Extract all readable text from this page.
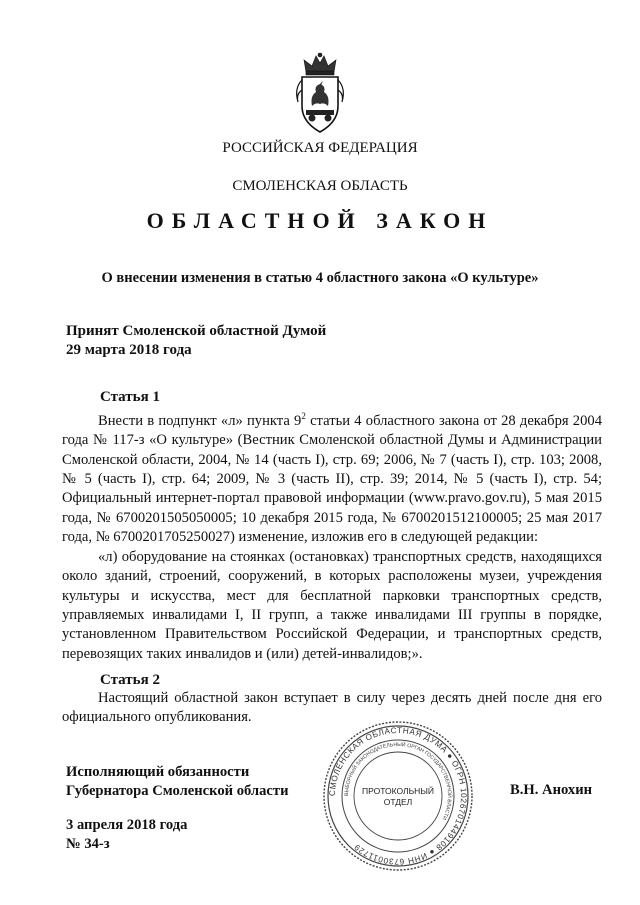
РОССИЙСКАЯ ФЕДЕРАЦИЯ
СМОЛЕНСКАЯ ОБЛАСТЬ
ОБЛАСТНОЙ ЗАКОН
О внесении изменения в статью 4 областного закона «О культуре»
Принят Смоленской областной Думой
29 марта 2018 года
Статья 1

Внести в подпункт «л» пункта $9^2$ статьи 4 областного закона от 28 декабря 2004 года № 117-з «О культуре» (Вестник Смоленской областной Думы и Администрации Смоленской области, 2004, № 14 (часть I), стр. 69; 2006, № 7 (часть I), стр. 103; 2008, № 5 (часть I), стр. 64; 2009, № 3 (часть II), стр. 39; 2014, № 5 (часть I), стр. 54; Официальный интернет-портал правовой информации (www.pravo.gov.ru), 5 мая 2015 года, № 6700201505050005; 10 декабря 2015 года, № 6700201512100005; 25 мая 2017 года, № 6700201705250027) изменение, изложив его в следующей редакции:

«л) оборудование на стоянках (остановках) транспортных средств, находящихся около зданий, строений, сооружений, в которых расположены музеи, учреждения культуры и искусства, мест для бесплатной парковки транспортных средств, управляемых инвалидами I, II групп, а также инвалидами III группы в порядке, установленном Правительством Российской Федерации, и транспортных средств, перевозящих таких инвалидов и (или) детей-инвалидов;».

Статья 2

Настоящий областной закон вступает в силу через десять дней после дня его официального опубликования.

Исполняющий обязанности
Губернатора Смоленской области	В.Н. Анохин
3 апреля 2018 года
№ 34-з
СМОЛЕНСКАЯ ОБЛАСТНАЯ ДУМА ● ОГРН 1026701449108 ● ИНН 6730011729
ВЫБОРНЫЙ ЗАКОНОДАТЕЛЬНЫЙ ОРГАН ГОСУДАРСТВЕННОЙ ВЛАСТИ
ПРОТОКОЛЬНЫЙ
ОТДЕЛ
